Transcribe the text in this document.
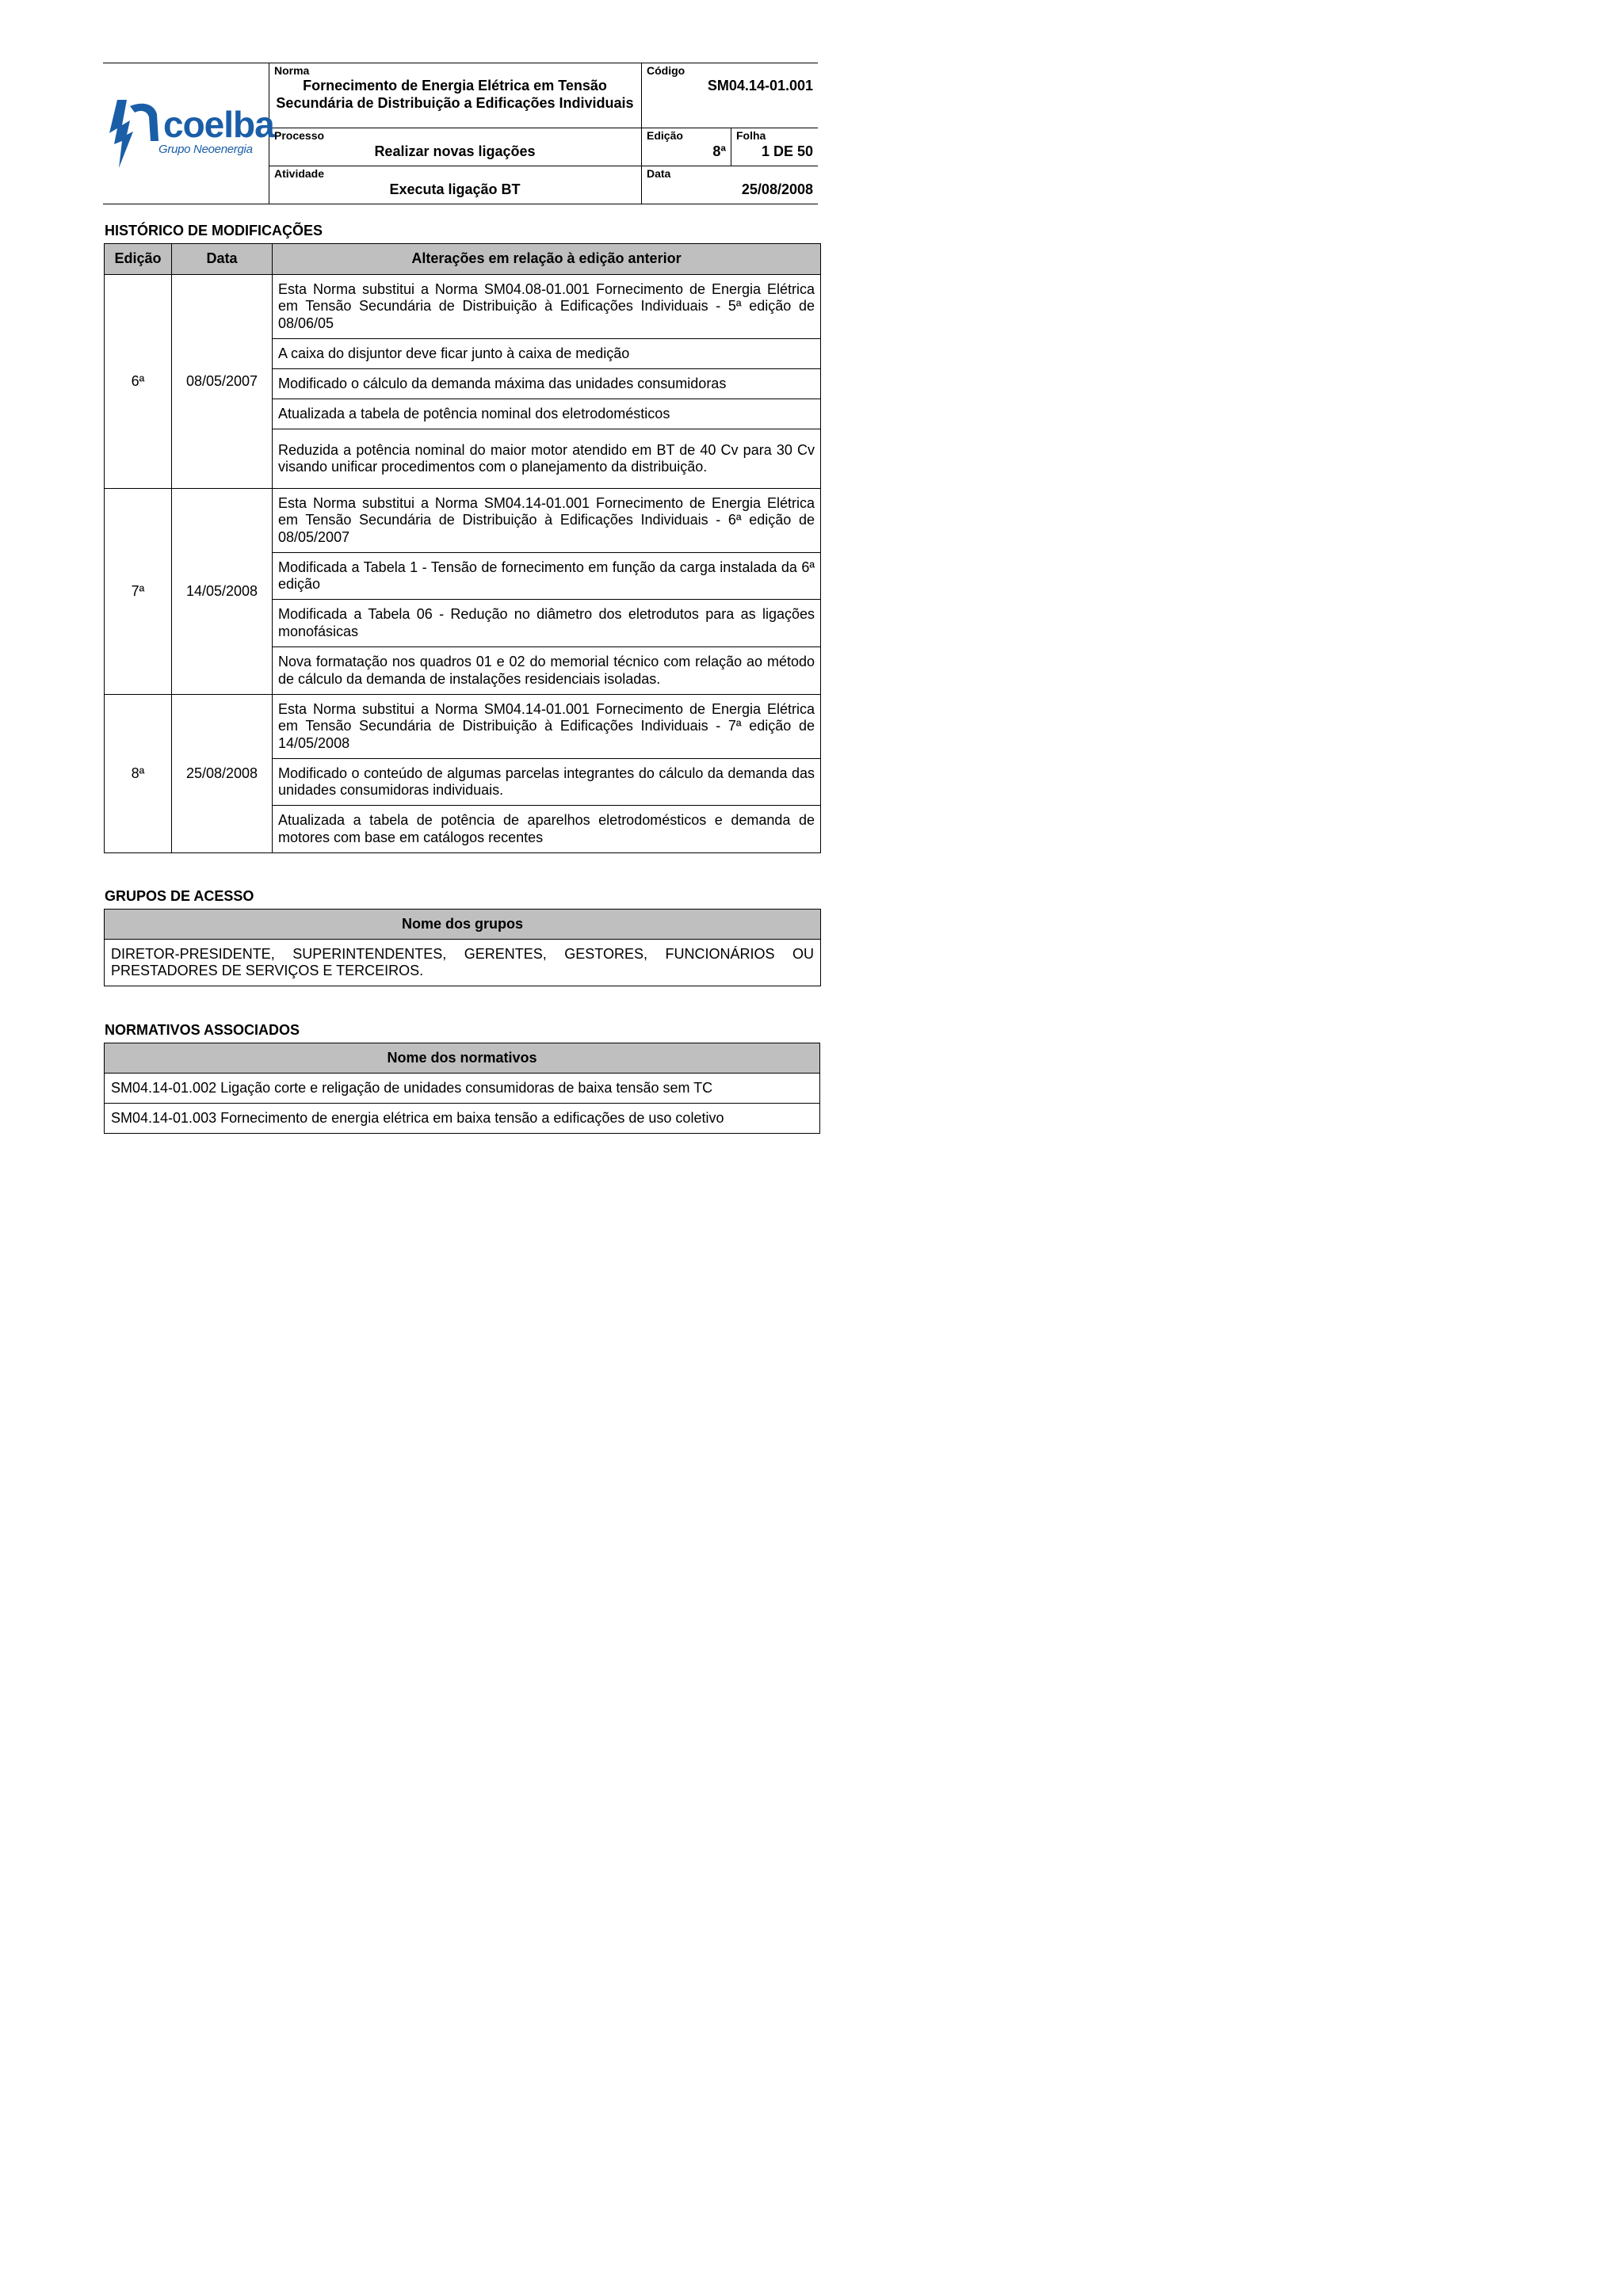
coelba
Grupo Neoenergia
Norma
Fornecimento de Energia Elétrica em Tensão Secundária de Distribuição a Edificações Individuais
Código
SM04.14-01.001
Processo
Realizar novas ligações
Edição
8ª
Folha
1 DE 50
Atividade
Executa ligação BT
Data
25/08/2008
HISTÓRICO DE MODIFICAÇÕES
Edição	Data	Alterações em relação à edição anterior
6ª	08/05/2007	Esta Norma substitui a Norma SM04.08-01.001 Fornecimento de Energia Elétrica em Tensão Secundária de Distribuição à Edificações Individuais - 5ª edição de 08/06/05
		A caixa do disjuntor deve ficar junto à caixa de medição
		Modificado o cálculo da demanda máxima das unidades consumidoras
		Atualizada a tabela de potência nominal dos eletrodomésticos
		Reduzida a potência nominal do maior motor atendido em BT de 40 Cv para 30 Cv visando unificar procedimentos com o planejamento da distribuição.
7ª	14/05/2008	Esta Norma substitui a Norma SM04.14-01.001 Fornecimento de Energia Elétrica em Tensão Secundária de Distribuição à Edificações Individuais - 6ª edição de 08/05/2007
		Modificada a Tabela 1 - Tensão de fornecimento em função da carga instalada da 6ª edição
		Modificada a Tabela 06 - Redução no diâmetro dos eletrodutos para as ligações monofásicas
		Nova formatação nos quadros 01 e 02 do memorial técnico com relação ao método de cálculo da demanda de instalações residenciais isoladas.
8ª	25/08/2008	Esta Norma substitui a Norma SM04.14-01.001 Fornecimento de Energia Elétrica em Tensão Secundária de Distribuição à Edificações Individuais - 7ª edição de 14/05/2008
		Modificado o conteúdo de algumas parcelas integrantes do cálculo da demanda das unidades consumidoras individuais.
		Atualizada a tabela de potência de aparelhos eletrodomésticos e demanda de motores com base em catálogos recentes
GRUPOS DE ACESSO
Nome dos grupos
DIRETOR-PRESIDENTE, SUPERINTENDENTES, GERENTES, GESTORES, FUNCIONÁRIOS OU PRESTADORES DE SERVIÇOS E TERCEIROS.
NORMATIVOS ASSOCIADOS
Nome dos normativos
SM04.14-01.002 Ligação corte e religação de unidades consumidoras de baixa tensão sem TC
SM04.14-01.003 Fornecimento de energia elétrica em baixa tensão a edificações de uso coletivo
